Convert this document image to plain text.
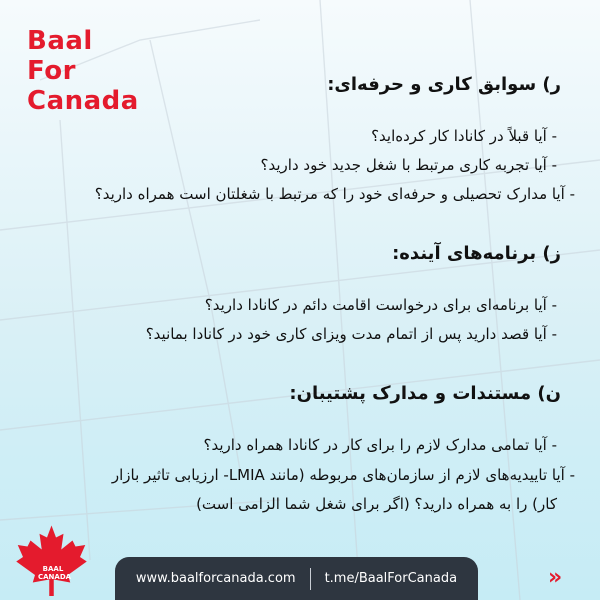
Baal
For
Canada
ر) سوابق کاری و حرفه‌ای:
- آیا قبلاً در کانادا کار کرده‌اید؟
- آیا تجربه کاری مرتبط با شغل جدید خود دارید؟
- آیا مدارک تحصیلی و حرفه‌ای خود را که مرتبط با شغلتان است همراه دارید؟
ز) برنامه‌های آینده:
- آیا برنامه‌ای برای درخواست اقامت دائم در کانادا دارید؟
- آیا قصد دارید پس از اتمام مدت ویزای کاری خود در کانادا بمانید؟
ن) مستندات و مدارک پشتیبان:
- آیا تمامی مدارک لازم را برای کار در کانادا همراه دارید؟
- آیا تاییدیه‌های لازم از سازمان‌های مربوطه (مانند LMIA- ارزیابی تاثیر بازار
کار) را به همراه دارید؟ (اگر برای شغل شما الزامی است)
BAAL
CANADA	www.baalforcanada.com t.me/BaalForCanada	»
